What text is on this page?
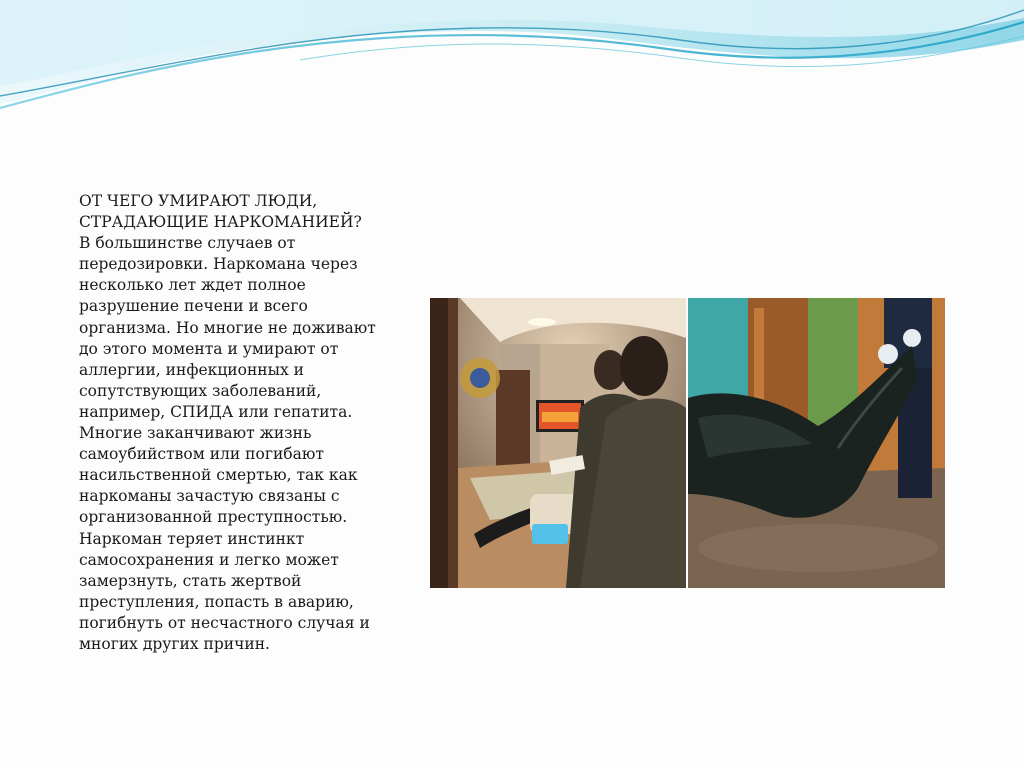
ОТ ЧЕГО УМИРАЮТ ЛЮДИ, СТРАДАЮЩИЕ НАРКОМАНИЕЙ?
В большинстве случаев от передозировки. Наркомана через несколько лет ждет полное разрушение печени и всего организма. Но многие не доживают до этого момента и умирают от аллергии, инфекционных и сопутствующих заболеваний, например, СПИДА или гепатита. Многие заканчивают жизнь самоубийством или погибают насильственной смертью, так как наркоманы зачастую связаны с организованной преступностью. Наркоман теряет инстинкт самосохранения и легко может замерзнуть, стать жертвой преступления, попасть в аварию, погибнуть от несчастного случая и многих других причин.
